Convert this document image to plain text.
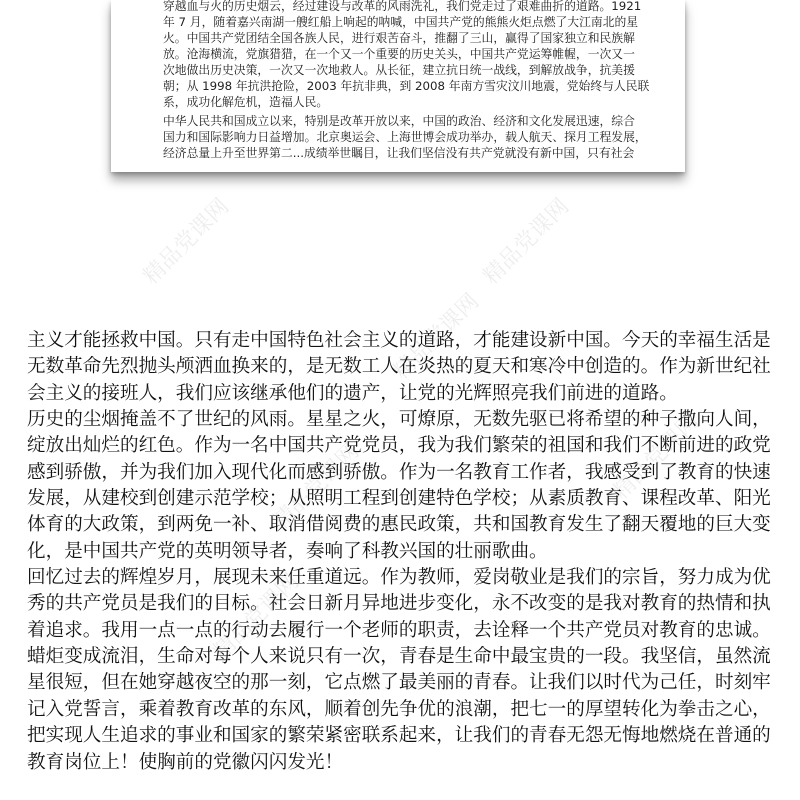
穿越血与火的历史烟云，经过建设与改革的风雨洗礼，我们党走过了艰难曲折的道路。1921
年 7 月，随着嘉兴南湖一艘红船上响起的呐喊，中国共产党的熊熊火炬点燃了大江南北的星
火。中国共产党团结全国各族人民，进行艰苦奋斗，推翻了三山，赢得了国家独立和民族解
放。沧海横流，党旗猎猎，在一个又一个重要的历史关头，中国共产党运筹帷幄，一次又一
次地做出历史决策，一次又一次地救人。从长征，建立抗日统一战线，到解放战争，抗美援
朝；从 1998 年抗洪抢险，2003 年抗非典，到 2008 年南方雪灾汶川地震，党始终与人民联
系，成功化解危机，造福人民。
中华人民共和国成立以来，特别是改革开放以来，中国的政治、经济和文化发展迅速，综合
国力和国际影响力日益增加。北京奥运会、上海世博会成功举办，载人航天、探月工程发展，
经济总量上升至世界第二...成绩举世瞩目，让我们坚信没有共产党就没有新中国，只有社会
精品党课网	精品党课网
精品党课网
精品党课网	精品党课网
精品党课网
主义才能拯救中国。只有走中国特色社会主义的道路，才能建设新中国。今天的幸福生活是
无数革命先烈抛头颅洒血换来的，是无数工人在炎热的夏天和寒冷中创造的。作为新世纪社
会主义的接班人，我们应该继承他们的遗产，让党的光辉照亮我们前进的道路。
历史的尘烟掩盖不了世纪的风雨。星星之火，可燎原，无数先驱已将希望的种子撒向人间，
绽放出灿烂的红色。作为一名中国共产党党员，我为我们繁荣的祖国和我们不断前进的政党
感到骄傲，并为我们加入现代化而感到骄傲。作为一名教育工作者，我感受到了教育的快速
发展，从建校到创建示范学校；从照明工程到创建特色学校；从素质教育、课程改革、阳光
体育的大政策，到两免一补、取消借阅费的惠民政策，共和国教育发生了翻天覆地的巨大变
化，是中国共产党的英明领导者，奏响了科教兴国的壮丽歌曲。
回忆过去的辉煌岁月，展现未来任重道远。作为教师，爱岗敬业是我们的宗旨，努力成为优
秀的共产党员是我们的目标。社会日新月异地进步变化，永不改变的是我对教育的热情和执
着追求。我用一点一点的行动去履行一个老师的职责，去诠释一个共产党员对教育的忠诚。
蜡炬变成流泪，生命对每个人来说只有一次，青春是生命中最宝贵的一段。我坚信，虽然流
星很短，但在她穿越夜空的那一刻，它点燃了最美丽的青春。让我们以时代为己任，时刻牢
记入党誓言，乘着教育改革的东风，顺着创先争优的浪潮，把七一的厚望转化为拳击之心，
把实现人生追求的事业和国家的繁荣紧密联系起来，让我们的青春无怨无悔地燃烧在普通的
教育岗位上！使胸前的党徽闪闪发光！
